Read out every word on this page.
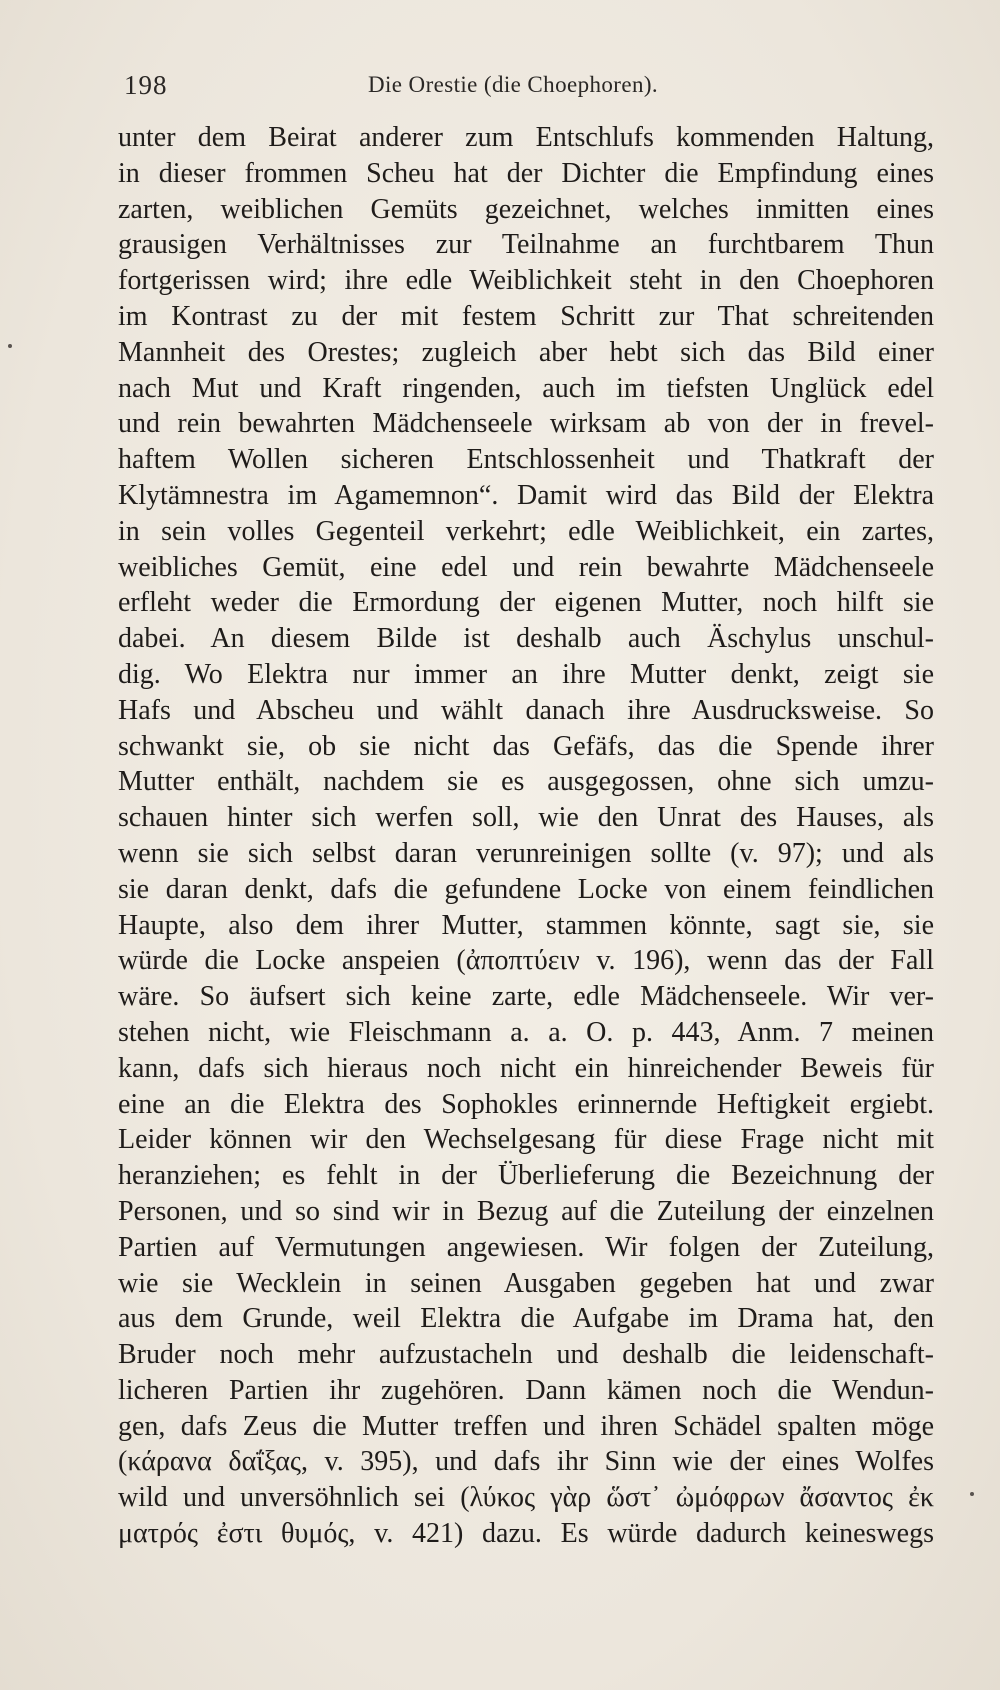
198	Die Orestie (die Choephoren).
unter dem Beirat anderer zum Entschlufs kommenden Haltung,
in dieser frommen Scheu hat der Dichter die Empfindung eines
zarten, weiblichen Gemüts gezeichnet, welches inmitten eines
grausigen Verhältnisses zur Teilnahme an furchtbarem Thun
fortgerissen wird; ihre edle Weiblichkeit steht in den Choephoren
im Kontrast zu der mit festem Schritt zur That schreitenden
Mannheit des Orestes; zugleich aber hebt sich das Bild einer
nach Mut und Kraft ringenden, auch im tiefsten Unglück edel
und rein bewahrten Mädchenseele wirksam ab von der in frevel-
haftem Wollen sicheren Entschlossenheit und Thatkraft der
Klytämnestra im Agamemnon“. Damit wird das Bild der Elektra
in sein volles Gegenteil verkehrt; edle Weiblichkeit, ein zartes,
weibliches Gemüt, eine edel und rein bewahrte Mädchenseele
erfleht weder die Ermordung der eigenen Mutter, noch hilft sie
dabei. An diesem Bilde ist deshalb auch Äschylus unschul-
dig. Wo Elektra nur immer an ihre Mutter denkt, zeigt sie
Hafs und Abscheu und wählt danach ihre Ausdrucksweise. So
schwankt sie, ob sie nicht das Gefäfs, das die Spende ihrer
Mutter enthält, nachdem sie es ausgegossen, ohne sich umzu-
schauen hinter sich werfen soll, wie den Unrat des Hauses, als
wenn sie sich selbst daran verunreinigen sollte (v. 97); und als
sie daran denkt, dafs die gefundene Locke von einem feindlichen
Haupte, also dem ihrer Mutter, stammen könnte, sagt sie, sie
würde die Locke anspeien (ἀποπτύειν v. 196), wenn das der Fall
wäre. So äufsert sich keine zarte, edle Mädchenseele. Wir ver-
stehen nicht, wie Fleischmann a. a. O. p. 443, Anm. 7 meinen
kann, dafs sich hieraus noch nicht ein hinreichender Beweis für
eine an die Elektra des Sophokles erinnernde Heftigkeit ergiebt.
Leider können wir den Wechselgesang für diese Frage nicht mit
heranziehen; es fehlt in der Überlieferung die Bezeichnung der
Personen, und so sind wir in Bezug auf die Zuteilung der einzelnen
Partien auf Vermutungen angewiesen. Wir folgen der Zuteilung,
wie sie Wecklein in seinen Ausgaben gegeben hat und zwar
aus dem Grunde, weil Elektra die Aufgabe im Drama hat, den
Bruder noch mehr aufzustacheln und deshalb die leidenschaft-
licheren Partien ihr zugehören. Dann kämen noch die Wendun-
gen, dafs Zeus die Mutter treffen und ihren Schädel spalten möge
(κάρανα δαΐξας, v. 395), und dafs ihr Sinn wie der eines Wolfes
wild und unversöhnlich sei (λύκος γὰρ ὥστ᾽ ὠμόφρων ἄσαντος ἐκ
ματρός ἐστι θυμός, v. 421) dazu. Es würde dadurch keineswegs
